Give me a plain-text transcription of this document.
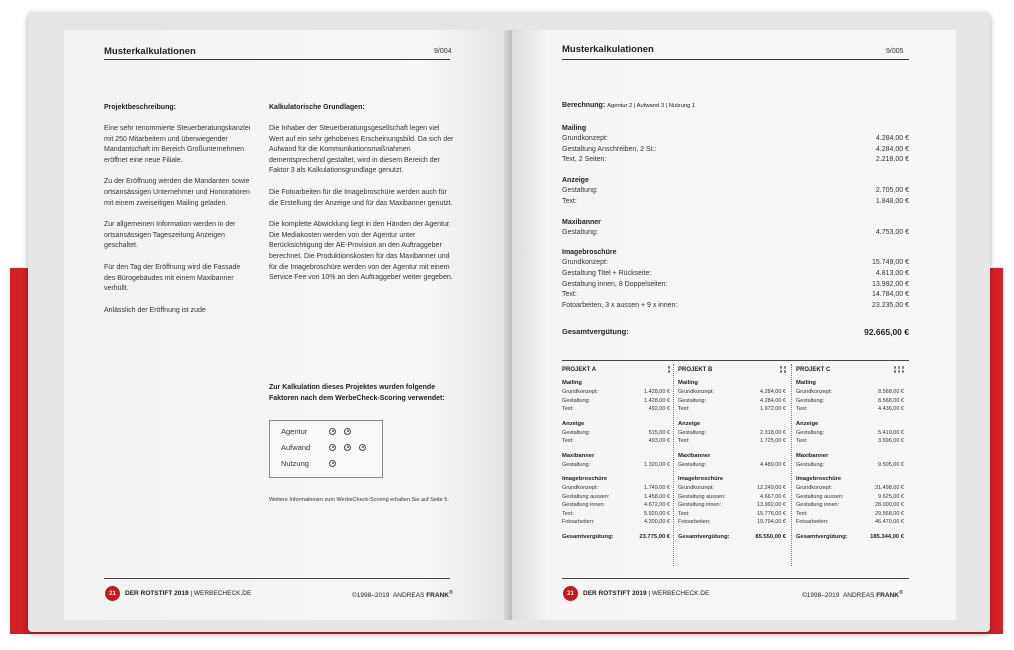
Musterkalkulationen	9/004
Projektbeschreibung:

Eine sehr renommierte Steuerberatungskanzlei mit 250 Mitarbeitern und überwiegender Mandantschaft im Bereich Großunternehmen eröffnet eine neue Filiale.

Zu der Eröffnung werden die Mandanten sowie ortsansässigen Unternehmer und Honoratioren mit einem zweiseitigen Mailing geladen.

Zur allgemeinen Information werden in der ortsansässigen Tageszeitung Anzeigen geschaltet.

Für den Tag der Eröffnung wird die Fassade des Bürogebäudes mit einem Maxibanner verhüllt.

Anlässlich der Eröffnung ist zude

Kalkulatorische Grundlagen:

Die Inhaber der Steuerberatungsgesellschaft legen viel Wert auf ein sehr gehobenes Erscheinungsbild. Da sich der Aufwand für die Kommunikationsmaßnahmen dementsprechend gestaltet, wird in diesem Bereich der Faktor 3 als Kalkulationsgrundlage genutzt.

Die Fotoarbeiten für die Imagebroschüre werden auch für die Erstellung der Anzeige und für das Maxibanner genutzt.

Die komplette Abwicklung liegt in den Händen der Agentur. Die Mediakosten werden von der Agentur unter Berücksichtigung der AE-Provision an den Auftraggeber berechnet. Die Produktionskosten für das Maxibanner und für die Imagebroschüre werden von der Agentur mit einem Service Fee von 10% an den Auftraggeber weiter gegeben.

Zur Kalkulation dieses Projektes wurden folgende Faktoren nach dem WerbeCheck-Scoring verwendet:
Agentur
Aufwand
Nutzung
Weitere Informationen zum WerbeCheck-Scoring erhalten Sie auf Seite 5.
21	DER ROTSTIFT 2019 | WERBECHECK.DE	©1998–2019 ANDREAS FRANK®
Musterkalkulationen	9/005
Berechnung: Agentur 2 | Aufwand 3 | Nutzung 1
Mailing
Grundkonzept:	4.284,00 €
Gestaltung Anschreiben, 2 St.:	4.284,00 €
Text, 2 Seiten:	2.218,00 €
Anzeige
Gestaltung:	2.705,00 €
Text:	1.848,00 €
Maxibanner
Gestaltung:	4.753,00 €
Imagebroschüre
Grundkonzept:	15.749,00 €
Gestaltung Titel + Rückseite:	4.813,00 €
Gestaltung innen, 8 Doppelseiten:	13.992,00 €
Text:	14.784,00 €
Fotoarbeiten, 3 x aussen + 9 x innen:	23.235,00 €
Gesamtvergütung:	92.665,00 €
PROJEKT A
Mailing
Grundkonzept:	1.428,00 €
Gestaltung:	1.428,00 €
Text:	492,00 €
Anzeige
Gestaltung:	515,00 €
Text:	493,00 €
Maxibanner
Gestaltung:	1.320,00 €
Imagebroschüre
Grundkonzept:	1.749,00 €
Gestaltung aussen:	1.458,00 €
Gestaltung innen:	4.672,00 €
Text:	5.920,00 €
Fotoarbeiten:	4.300,00 €
Gesamtvergütung:	23.775,00 €
PROJEKT B
Mailing
Grundkonzept:	4.284,00 €
Gestaltung:	4.284,00 €
Text:	1.972,00 €
Anzeige
Gestaltung:	2.318,00 €
Text:	1.725,00 €
Maxibanner
Gestaltung:	4.489,00 €
Imagebroschüre
Grundkonzept:	12.249,00 €
Gestaltung aussen:	4.667,00 €
Gestaltung innen:	13.992,00 €
Text:	15.776,00 €
Fotoarbeiten:	19.794,00 €
Gesamtvergütung:	85.550,00 €
PROJEKT C
Mailing
Grundkonzept:	8.568,00 €
Gestaltung:	8.568,00 €
Text:	4.436,00 €
Anzeige
Gestaltung:	5.410,00 €
Text:	3.696,00 €
Maxibanner
Gestaltung:	9.505,00 €
Imagebroschüre
Grundkonzept:	31.498,00 €
Gestaltung aussen:	9.625,00 €
Gestaltung innen:	28.000,00 €
Text:	29.568,00 €
Fotoarbeiten:	46.470,00 €
Gesamtvergütung:	185.344,00 €
21	DER ROTSTIFT 2019 | WERBECHECK.DE	©1998–2019 ANDREAS FRANK®
